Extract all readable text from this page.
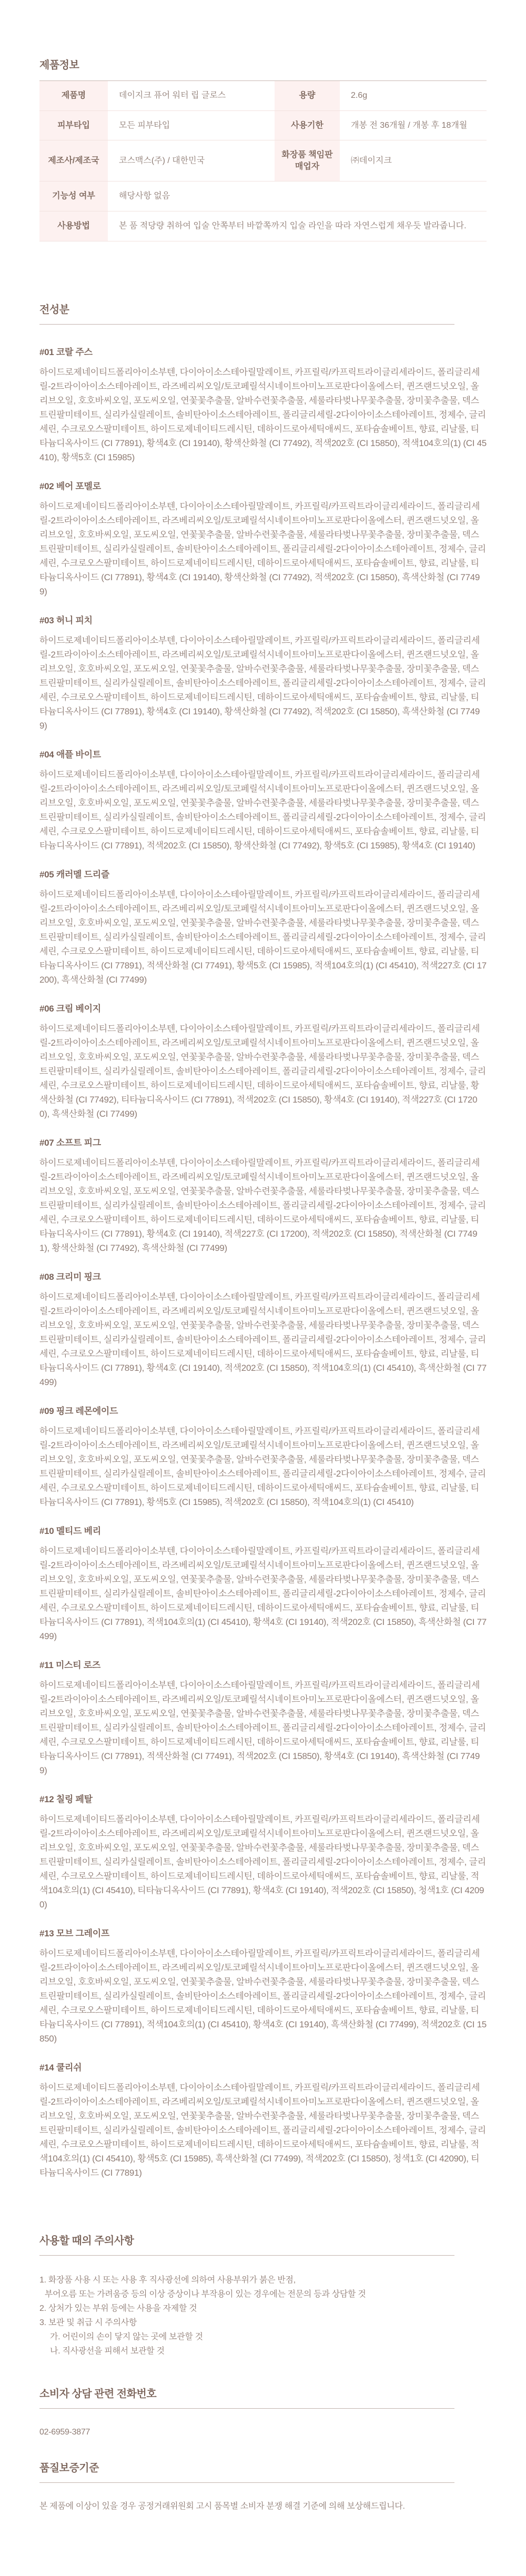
제품정보
제품명	데이지크 퓨어 워터 립 글로스	용량	2.6g
피부타입	모든 피부타입	사용기한	개봉 전 36개월 / 개봉 후 18개월
제조사/제조국	코스맥스(주) / 대한민국	화장품 책임판매업자	㈜데이지크
기능성 여부	해당사항 없음		
사용방법	본 품 적당량 취하여 입술 안쪽부터 바깥쪽까지 입술 라인을 따라 자연스럽게 채우듯 발라줍니다.		
전성분
#01 코랄 주스

하이드로제네이티드폴리아이소부텐, 다이아이소스테아릴말레이트, 카프릴릭/카프릭트라이글리세라이드, 폴리글리세릴-2트라이아이소스테아레이트, 라즈베리씨오일/토코페릴석시네이트아미노프로판다이올에스터, 퀸즈랜드넛오일, 올리브오일, 호호바씨오일, 포도씨오일, 연꽃꽃추출물, 알바수련꽃추출물, 세룰라타벚나무꽃추출물, 장미꽃추출물, 덱스트린팔미테이트, 실리카실릴레이트, 솔비탄아이소스테아레이트, 폴리글리세릴-2다이아이소스테아레이트, 정제수, 글리세린, 수크로오스팔미테이트, 하이드로제네이티드레시틴, 데하이드로아세틱애씨드, 포타슘솔베이트, 향료, 리날룰, 티타늄디옥사이드 (CI 77891), 황색4호 (CI 19140), 황색산화철 (CI 77492), 적색202호 (CI 15850), 적색104호의(1) (CI 45410), 황색5호 (CI 15985)

#02 베어 포멜로

하이드로제네이티드폴리아이소부텐, 다이아이소스테아릴말레이트, 카프릴릭/카프릭트라이글리세라이드, 폴리글리세릴-2트라이아이소스테아레이트, 라즈베리씨오일/토코페릴석시네이트아미노프로판다이올에스터, 퀸즈랜드넛오일, 올리브오일, 호호바씨오일, 포도씨오일, 연꽃꽃추출물, 알바수련꽃추출물, 세룰라타벚나무꽃추출물, 장미꽃추출물, 덱스트린팔미테이트, 실리카실릴레이트, 솔비탄아이소스테아레이트, 폴리글리세릴-2다이아이소스테아레이트, 정제수, 글리세린, 수크로오스팔미테이트, 하이드로제네이티드레시틴, 데하이드로아세틱애씨드, 포타슘솔베이트, 향료, 리날룰, 티타늄디옥사이드 (CI 77891), 황색4호 (CI 19140), 황색산화철 (CI 77492), 적색202호 (CI 15850), 흑색산화철 (CI 77499)

#03 허니 피치

하이드로제네이티드폴리아이소부텐, 다이아이소스테아릴말레이트, 카프릴릭/카프릭트라이글리세라이드, 폴리글리세릴-2트라이아이소스테아레이트, 라즈베리씨오일/토코페릴석시네이트아미노프로판다이올에스터, 퀸즈랜드넛오일, 올리브오일, 호호바씨오일, 포도씨오일, 연꽃꽃추출물, 알바수련꽃추출물, 세룰라타벚나무꽃추출물, 장미꽃추출물, 덱스트린팔미테이트, 실리카실릴레이트, 솔비탄아이소스테아레이트, 폴리글리세릴-2다이아이소스테아레이트, 정제수, 글리세린, 수크로오스팔미테이트, 하이드로제네이티드레시틴, 데하이드로아세틱애씨드, 포타슘솔베이트, 향료, 리날룰, 티타늄디옥사이드 (CI 77891), 황색4호 (CI 19140), 황색산화철 (CI 77492), 적색202호 (CI 15850), 흑색산화철 (CI 77499)

#04 애플 바이트

하이드로제네이티드폴리아이소부텐, 다이아이소스테아릴말레이트, 카프릴릭/카프릭트라이글리세라이드, 폴리글리세릴-2트라이아이소스테아레이트, 라즈베리씨오일/토코페릴석시네이트아미노프로판다이올에스터, 퀸즈랜드넛오일, 올리브오일, 호호바씨오일, 포도씨오일, 연꽃꽃추출물, 알바수련꽃추출물, 세룰라타벚나무꽃추출물, 장미꽃추출물, 덱스트린팔미테이트, 실리카실릴레이트, 솔비탄아이소스테아레이트, 폴리글리세릴-2다이아이소스테아레이트, 정제수, 글리세린, 수크로오스팔미테이트, 하이드로제네이티드레시틴, 데하이드로아세틱애씨드, 포타슘솔베이트, 향료, 리날룰, 티타늄디옥사이드 (CI 77891), 적색202호 (CI 15850), 황색산화철 (CI 77492), 황색5호 (CI 15985), 황색4호 (CI 19140)

#05 캐러멜 드리즐

하이드로제네이티드폴리아이소부텐, 다이아이소스테아릴말레이트, 카프릴릭/카프릭트라이글리세라이드, 폴리글리세릴-2트라이아이소스테아레이트, 라즈베리씨오일/토코페릴석시네이트아미노프로판다이올에스터, 퀸즈랜드넛오일, 올리브오일, 호호바씨오일, 포도씨오일, 연꽃꽃추출물, 알바수련꽃추출물, 세룰라타벚나무꽃추출물, 장미꽃추출물, 덱스트린팔미테이트, 실리카실릴레이트, 솔비탄아이소스테아레이트, 폴리글리세릴-2다이아이소스테아레이트, 정제수, 글리세린, 수크로오스팔미테이트, 하이드로제네이티드레시틴, 데하이드로아세틱애씨드, 포타슘솔베이트, 향료, 리날룰, 티타늄디옥사이드 (CI 77891), 적색산화철 (CI 77491), 황색5호 (CI 15985), 적색104호의(1) (CI 45410), 적색227호 (CI 17200), 흑색산화철 (CI 77499)

#06 크림 베이지

하이드로제네이티드폴리아이소부텐, 다이아이소스테아릴말레이트, 카프릴릭/카프릭트라이글리세라이드, 폴리글리세릴-2트라이아이소스테아레이트, 라즈베리씨오일/토코페릴석시네이트아미노프로판다이올에스터, 퀸즈랜드넛오일, 올리브오일, 호호바씨오일, 포도씨오일, 연꽃꽃추출물, 알바수련꽃추출물, 세룰라타벚나무꽃추출물, 장미꽃추출물, 덱스트린팔미테이트, 실리카실릴레이트, 솔비탄아이소스테아레이트, 폴리글리세릴-2다이아이소스테아레이트, 정제수, 글리세린, 수크로오스팔미테이트, 하이드로제네이티드레시틴, 데하이드로아세틱애씨드, 포타슘솔베이트, 향료, 리날룰, 황색산화철 (CI 77492), 티타늄디옥사이드 (CI 77891), 적색202호 (CI 15850), 황색4호 (CI 19140), 적색227호 (CI 17200), 흑색산화철 (CI 77499)

#07 소프트 피그

하이드로제네이티드폴리아이소부텐, 다이아이소스테아릴말레이트, 카프릴릭/카프릭트라이글리세라이드, 폴리글리세릴-2트라이아이소스테아레이트, 라즈베리씨오일/토코페릴석시네이트아미노프로판다이올에스터, 퀸즈랜드넛오일, 올리브오일, 호호바씨오일, 포도씨오일, 연꽃꽃추출물, 알바수련꽃추출물, 세룰라타벚나무꽃추출물, 장미꽃추출물, 덱스트린팔미테이트, 실리카실릴레이트, 솔비탄아이소스테아레이트, 폴리글리세릴-2다이아이소스테아레이트, 정제수, 글리세린, 수크로오스팔미테이트, 하이드로제네이티드레시틴, 데하이드로아세틱애씨드, 포타슘솔베이트, 향료, 리날룰, 티타늄디옥사이드 (CI 77891), 황색4호 (CI 19140), 적색227호 (CI 17200), 적색202호 (CI 15850), 적색산화철 (CI 77491), 황색산화철 (CI 77492), 흑색산화철 (CI 77499)

#08 크리미 핑크

하이드로제네이티드폴리아이소부텐, 다이아이소스테아릴말레이트, 카프릴릭/카프릭트라이글리세라이드, 폴리글리세릴-2트라이아이소스테아레이트, 라즈베리씨오일/토코페릴석시네이트아미노프로판다이올에스터, 퀸즈랜드넛오일, 올리브오일, 호호바씨오일, 포도씨오일, 연꽃꽃추출물, 알바수련꽃추출물, 세룰라타벚나무꽃추출물, 장미꽃추출물, 덱스트린팔미테이트, 실리카실릴레이트, 솔비탄아이소스테아레이트, 폴리글리세릴-2다이아이소스테아레이트, 정제수, 글리세린, 수크로오스팔미테이트, 하이드로제네이티드레시틴, 데하이드로아세틱애씨드, 포타슘솔베이트, 향료, 리날룰, 티타늄디옥사이드 (CI 77891), 황색4호 (CI 19140), 적색202호 (CI 15850), 적색104호의(1) (CI 45410), 흑색산화철 (CI 77499)

#09 핑크 레몬에이드

하이드로제네이티드폴리아이소부텐, 다이아이소스테아릴말레이트, 카프릴릭/카프릭트라이글리세라이드, 폴리글리세릴-2트라이아이소스테아레이트, 라즈베리씨오일/토코페릴석시네이트아미노프로판다이올에스터, 퀸즈랜드넛오일, 올리브오일, 호호바씨오일, 포도씨오일, 연꽃꽃추출물, 알바수련꽃추출물, 세룰라타벚나무꽃추출물, 장미꽃추출물, 덱스트린팔미테이트, 실리카실릴레이트, 솔비탄아이소스테아레이트, 폴리글리세릴-2다이아이소스테아레이트, 정제수, 글리세린, 수크로오스팔미테이트, 하이드로제네이티드레시틴, 데하이드로아세틱애씨드, 포타슘솔베이트, 향료, 리날룰, 티타늄디옥사이드 (CI 77891), 황색5호 (CI 15985), 적색202호 (CI 15850), 적색104호의(1) (CI 45410)

#10 멜티드 베리

하이드로제네이티드폴리아이소부텐, 다이아이소스테아릴말레이트, 카프릴릭/카프릭트라이글리세라이드, 폴리글리세릴-2트라이아이소스테아레이트, 라즈베리씨오일/토코페릴석시네이트아미노프로판다이올에스터, 퀸즈랜드넛오일, 올리브오일, 호호바씨오일, 포도씨오일, 연꽃꽃추출물, 알바수련꽃추출물, 세룰라타벚나무꽃추출물, 장미꽃추출물, 덱스트린팔미테이트, 실리카실릴레이트, 솔비탄아이소스테아레이트, 폴리글리세릴-2다이아이소스테아레이트, 정제수, 글리세린, 수크로오스팔미테이트, 하이드로제네이티드레시틴, 데하이드로아세틱애씨드, 포타슘솔베이트, 향료, 리날룰, 티타늄디옥사이드 (CI 77891), 적색104호의(1) (CI 45410), 황색4호 (CI 19140), 적색202호 (CI 15850), 흑색산화철 (CI 77499)

#11 미스티 로즈

하이드로제네이티드폴리아이소부텐, 다이아이소스테아릴말레이트, 카프릴릭/카프릭트라이글리세라이드, 폴리글리세릴-2트라이아이소스테아레이트, 라즈베리씨오일/토코페릴석시네이트아미노프로판다이올에스터, 퀸즈랜드넛오일, 올리브오일, 호호바씨오일, 포도씨오일, 연꽃꽃추출물, 알바수련꽃추출물, 세룰라타벚나무꽃추출물, 장미꽃추출물, 덱스트린팔미테이트, 실리카실릴레이트, 솔비탄아이소스테아레이트, 폴리글리세릴-2다이아이소스테아레이트, 정제수, 글리세린, 수크로오스팔미테이트, 하이드로제네이티드레시틴, 데하이드로아세틱애씨드, 포타슘솔베이트, 향료, 리날룰, 티타늄디옥사이드 (CI 77891), 적색산화철 (CI 77491), 적색202호 (CI 15850), 황색4호 (CI 19140), 흑색산화철 (CI 77499)

#12 칠링 페탈

하이드로제네이티드폴리아이소부텐, 다이아이소스테아릴말레이트, 카프릴릭/카프릭트라이글리세라이드, 폴리글리세릴-2트라이아이소스테아레이트, 라즈베리씨오일/토코페릴석시네이트아미노프로판다이올에스터, 퀸즈랜드넛오일, 올리브오일, 호호바씨오일, 포도씨오일, 연꽃꽃추출물, 알바수련꽃추출물, 세룰라타벚나무꽃추출물, 장미꽃추출물, 덱스트린팔미테이트, 실리카실릴레이트, 솔비탄아이소스테아레이트, 폴리글리세릴-2다이아이소스테아레이트, 정제수, 글리세린, 수크로오스팔미테이트, 하이드로제네이티드레시틴, 데하이드로아세틱애씨드, 포타슘솔베이트, 향료, 리날룰, 적색104호의(1) (CI 45410), 티타늄디옥사이드 (CI 77891), 황색4호 (CI 19140), 적색202호 (CI 15850), 청색1호 (CI 42090)

#13 모브 그레이프

하이드로제네이티드폴리아이소부텐, 다이아이소스테아릴말레이트, 카프릴릭/카프릭트라이글리세라이드, 폴리글리세릴-2트라이아이소스테아레이트, 라즈베리씨오일/토코페릴석시네이트아미노프로판다이올에스터, 퀸즈랜드넛오일, 올리브오일, 호호바씨오일, 포도씨오일, 연꽃꽃추출물, 알바수련꽃추출물, 세룰라타벚나무꽃추출물, 장미꽃추출물, 덱스트린팔미테이트, 실리카실릴레이트, 솔비탄아이소스테아레이트, 폴리글리세릴-2다이아이소스테아레이트, 정제수, 글리세린, 수크로오스팔미테이트, 하이드로제네이티드레시틴, 데하이드로아세틱애씨드, 포타슘솔베이트, 향료, 리날룰, 티타늄디옥사이드 (CI 77891), 적색104호의(1) (CI 45410), 황색4호 (CI 19140), 흑색산화철 (CI 77499), 적색202호 (CI 15850)

#14 쿨리쉬

하이드로제네이티드폴리아이소부텐, 다이아이소스테아릴말레이트, 카프릴릭/카프릭트라이글리세라이드, 폴리글리세릴-2트라이아이소스테아레이트, 라즈베리씨오일/토코페릴석시네이트아미노프로판다이올에스터, 퀸즈랜드넛오일, 올리브오일, 호호바씨오일, 포도씨오일, 연꽃꽃추출물, 알바수련꽃추출물, 세룰라타벚나무꽃추출물, 장미꽃추출물, 덱스트린팔미테이트, 실리카실릴레이트, 솔비탄아이소스테아레이트, 폴리글리세릴-2다이아이소스테아레이트, 정제수, 글리세린, 수크로오스팔미테이트, 하이드로제네이티드레시틴, 데하이드로아세틱애씨드, 포타슘솔베이트, 향료, 리날룰, 적색104호의(1) (CI 45410), 황색5호 (CI 15985), 흑색산화철 (CI 77499), 적색202호 (CI 15850), 청색1호 (CI 42090), 티타늄디옥사이드 (CI 77891)

사용할 때의 주의사항

1. 화장품 사용 시 또는 사용 후 직사광선에 의하여 사용부위가 붉은 반점,

부어오름 또는 가려움증 등의 이상 증상이나 부작용이 있는 경우에는 전문의 등과 상담할 것

2. 상처가 있는 부위 등에는 사용을 자제할 것

3. 보관 및 취급 시 주의사항

가. 어린이의 손이 닿지 않는 곳에 보관할 것

나. 직사광선을 피해서 보관할 것

소비자 상담 관련 전화번호

02-6959-3877

품질보증기준

본 제품에 이상이 있을 경우 공정거래위원회 고시 품목별 소비자 분쟁 해결 기준에 의해 보상해드립니다.
